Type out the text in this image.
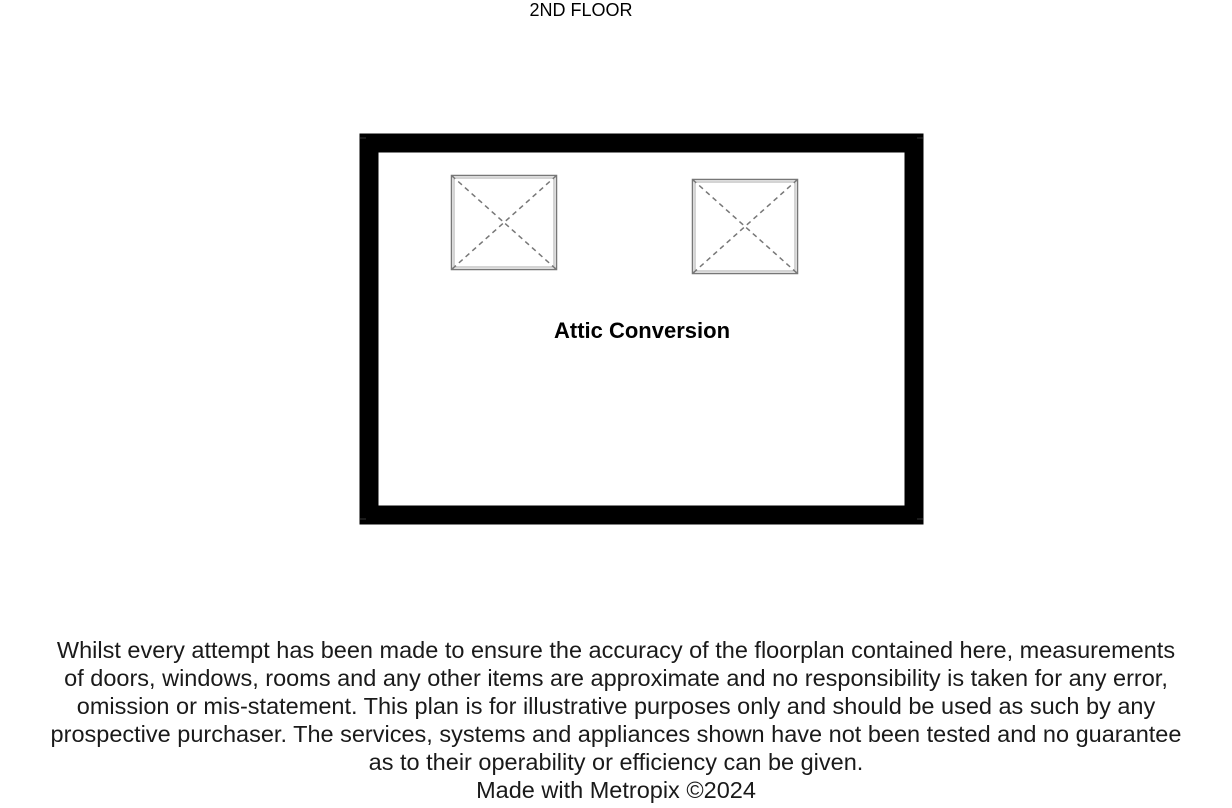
2ND FLOOR
Attic Conversion
Whilst every attempt has been made to ensure the accuracy of the floorplan contained here, measurements
of doors, windows, rooms and any other items are approximate and no responsibility is taken for any error,
omission or mis-statement. This plan is for illustrative purposes only and should be used as such by any
prospective purchaser. The services, systems and appliances shown have not been tested and no guarantee
as to their operability or efficiency can be given.
Made with Metropix ©2024
